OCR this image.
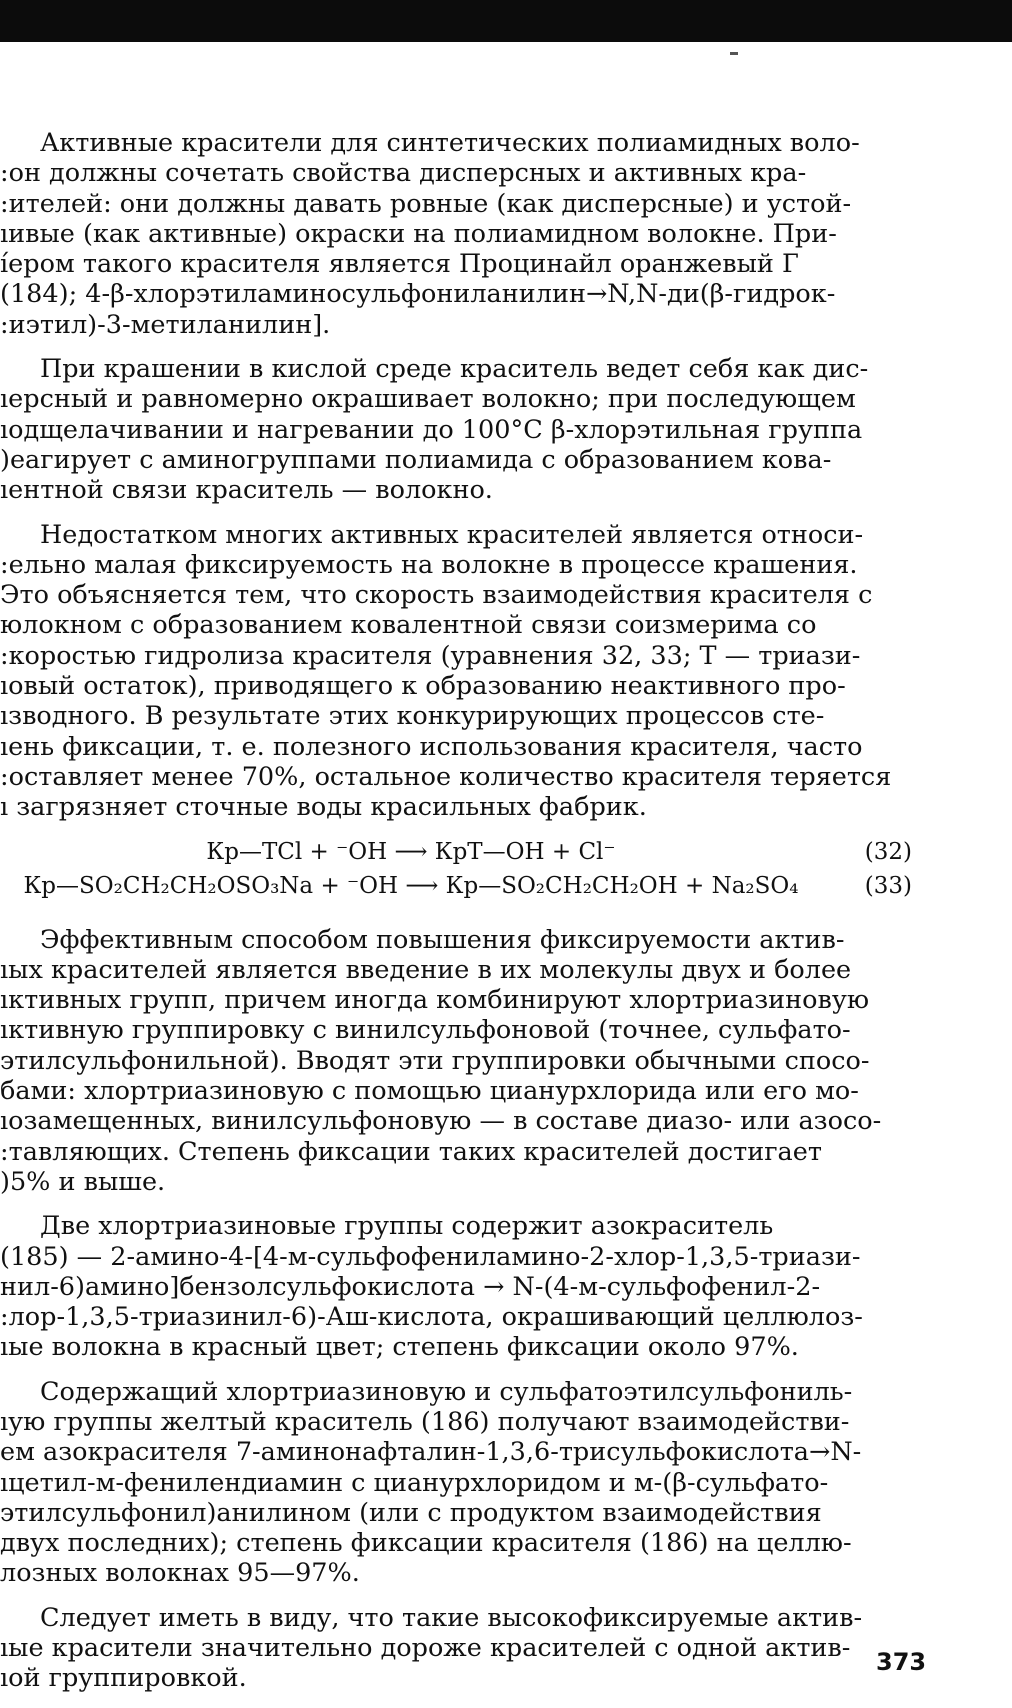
Активные красители для синтетических полиамидных воло-
:он должны сочетать свойства дисперсных и активных кра-
:ителей: они должны давать ровные (как дисперсные) и устой-
ıивые (как активные) окраски на полиамидном волокне. При-
íером такого красителя является Процинайл оранжевый Г
(184); 4-β-хлорэтиламиносульфониланилин→N,N-ди(β-гидрок-
:иэтил)-3-метиланилин].

При крашении в кислой среде краситель ведет себя как дис-
ıерсный и равномерно окрашивает волокно; при последующем
ıодщелачивании и нагревании до 100°C β-хлорэтильная группа
)еагирует с аминогруппами полиамида с образованием кова-
ıентной связи краситель — волокно.

Недостатком многих активных красителей является относи-
:ельно малая фиксируемость на волокне в процессе крашения.
Это объясняется тем, что скорость взаимодействия красителя с
юлокном с образованием ковалентной связи соизмерима со
:коростью гидролиза красителя (уравнения 32, 33; Т — триази-
ıовый остаток), приводящего к образованию неактивного про-
ıзводного. В результате этих конкурирующих процессов сте-
ıень фиксации, т. е. полезного использования красителя, часто
:оставляет менее 70%, остальное количество красителя теряется
ı загрязняет сточные воды красильных фабрик.

Кр—TCl + ⁻OH ⟶ КрТ—OH + Cl⁻	(32)
Кр—SO₂CH₂CH₂OSO₃Na + ⁻OH ⟶ Кр—SO₂CH₂CH₂OH + Na₂SO₄	(33)

Эффективным способом повышения фиксируемости актив-
ıых красителей является введение в их молекулы двух и более
ıктивных групп, причем иногда комбинируют хлортриазиновую
ıктивную группировку с винилсульфоновой (точнее, сульфато-
этилсульфонильной). Вводят эти группировки обычными спосо-
бами: хлортриазиновую с помощью цианурхлорида или его мо-
ıозамещенных, винилсульфоновую — в составе диазо- или азосо-
:тавляющих. Степень фиксации таких красителей достигает
)5% и выше.

Две хлортриазиновые группы содержит азокраситель
(185) — 2-амино-4-[4-м-сульфофениламино-2-хлор-1,3,5-триази-
нил-6)амино]бензолсульфокислота → N-(4-м-сульфофенил-2-
:лор-1,3,5-триазинил-6)-Аш-кислота, окрашивающий целлюлоз-
ıые волокна в красный цвет; степень фиксации около 97%.

Содержащий хлортриазиновую и сульфатоэтилсульфониль-
ıую группы желтый краситель (186) получают взаимодействи-
ем азокрасителя 7-аминонафталин-1,3,6-трисульфокислота→N-
ıцетил-м-фенилендиамин с цианурхлоридом и м-(β-сульфато-
этилсульфонил)анилином (или с продуктом взаимодействия
двух последних); степень фиксации красителя (186) на целлю-
лозных волокнах 95—97%.

Следует иметь в виду, что такие высокофиксируемые актив-
ıые красители значительно дороже красителей с одной актив-
ıой группировкой.

373
